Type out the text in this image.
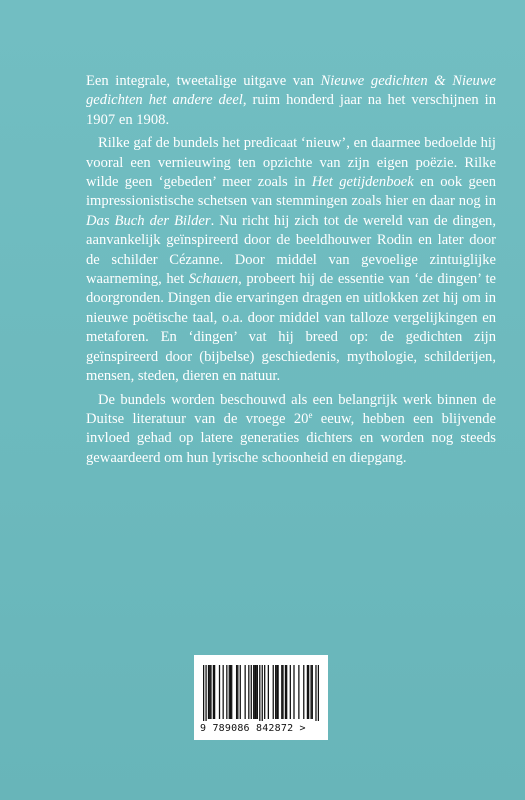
Een integrale, tweetalige uitgave van Nieuwe gedichten & Nieuwe gedichten het andere deel, ruim honderd jaar na het verschijnen in 1907 en 1908.

Rilke gaf de bundels het predicaat ‘nieuw’, en daarmee bedoelde hij vooral een vernieuwing ten opzichte van zijn eigen poëzie. Rilke wilde geen ‘gebeden’ meer zoals in Het getijdenboek en ook geen impressionistische schetsen van stemmingen zoals hier en daar nog in Das Buch der Bilder. Nu richt hij zich tot de wereld van de dingen, aanvankelijk geïnspireerd door de beeldhouwer Rodin en later door de schilder Cézanne. Door middel van gevoelige zintuiglijke waarneming, het Schauen, probeert hij de essentie van ‘de dingen’ te doorgronden. Dingen die ervaringen dragen en uitlokken zet hij om in nieuwe poëtische taal, o.a. door middel van talloze vergelijkingen en metaforen. En ‘dingen’ vat hij breed op: de gedichten zijn geïnspireerd door (bijbelse) geschiedenis, mythologie, schilderijen, mensen, steden, dieren en natuur.

De bundels worden beschouwd als een belangrijk werk binnen de Duitse literatuur van de vroege 20e eeuw, hebben een blijvende invloed gehad op latere generaties dichters en worden nog steeds gewaardeerd om hun lyrische schoonheid en diepgang.

9 789086 842872 >
